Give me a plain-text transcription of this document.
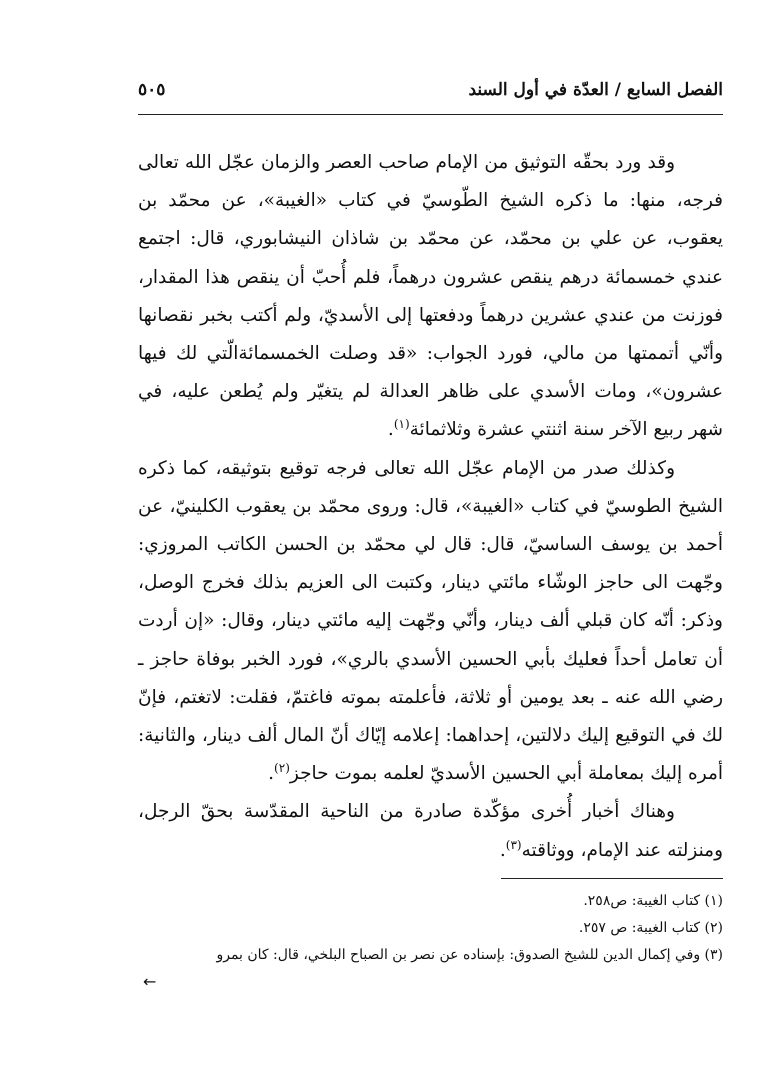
الفصل السابع / العدّة في أول السند
٥٠٥

وقد ورد بحقّه التوثيق من الإمام صاحب العصر والزمان عجّل الله تعالى فرجه، منها: ما ذكره الشيخ الطّوسيّ في كتاب «الغيبة»، عن محمّد بن يعقوب، عن علي بن محمّد، عن محمّد بن شاذان النيشابوري، قال: اجتمع عندي خمسمائة درهم ينقص عشرون درهماً، فلم أُحبّ أن ينقص هذا المقدار، فوزنت من عندي عشرين درهماً ودفعتها إلى الأسديّ، ولم أكتب بخبر نقصانها وأنّي أتممتها من مالي، فورد الجواب: «قد وصلت الخمسمائةالّتي لك فيها عشرون»، ومات الأسدي على ظاهر العدالة لم يتغيّر ولم يُطعن عليه، في شهر ربيع الآخر سنة اثنتي عشرة وثلاثمائة$^{(١)}$.

وكذلك صدر من الإمام عجّل الله تعالى فرجه توقيع بتوثيقه، كما ذكره الشيخ الطوسيّ في كتاب «الغيبة»، قال: وروى محمّد بن يعقوب الكلينيّ، عن أحمد بن يوسف الساسيّ، قال: قال لي محمّد بن الحسن الكاتب المروزي: وجّهت الى حاجز الوشّاء مائتي دينار، وكتبت الى العزيم بذلك فخرج الوصل، وذكر: أنّه كان قبلي ألف دينار، وأنّي وجّهت إليه مائتي دينار، وقال: «إن أردت أن تعامل أحداً فعليك بأبي الحسين الأسدي بالري»، فورد الخبر بوفاة حاجز ـ رضي الله عنه ـ بعد يومين أو ثلاثة، فأعلمته بموته فاغتمّ، فقلت: لاتغتم، فإنّ لك في التوقيع إليك دلالتين، إحداهما: إعلامه إيّاك أنّ المال ألف دينار، والثانية: أمره إليك بمعاملة أبي الحسين الأسديّ لعلمه بموت حاجز$^{(٢)}$.

وهناك أخبار أُخرى مؤكّدة صادرة من الناحية المقدّسة بحقّ الرجل، ومنزلته عند الإمام، ووثاقته$^{(٣)}$.

(١) كتاب الغيبة: ص٢٥٨.

(٢) كتاب الغيبة: ص ٢٥٧.

(٣) وفي إكمال الدين للشيخ الصدوق: بإسناده عن نصر بن الصباح البلخي، قال: كان بمرو

←
